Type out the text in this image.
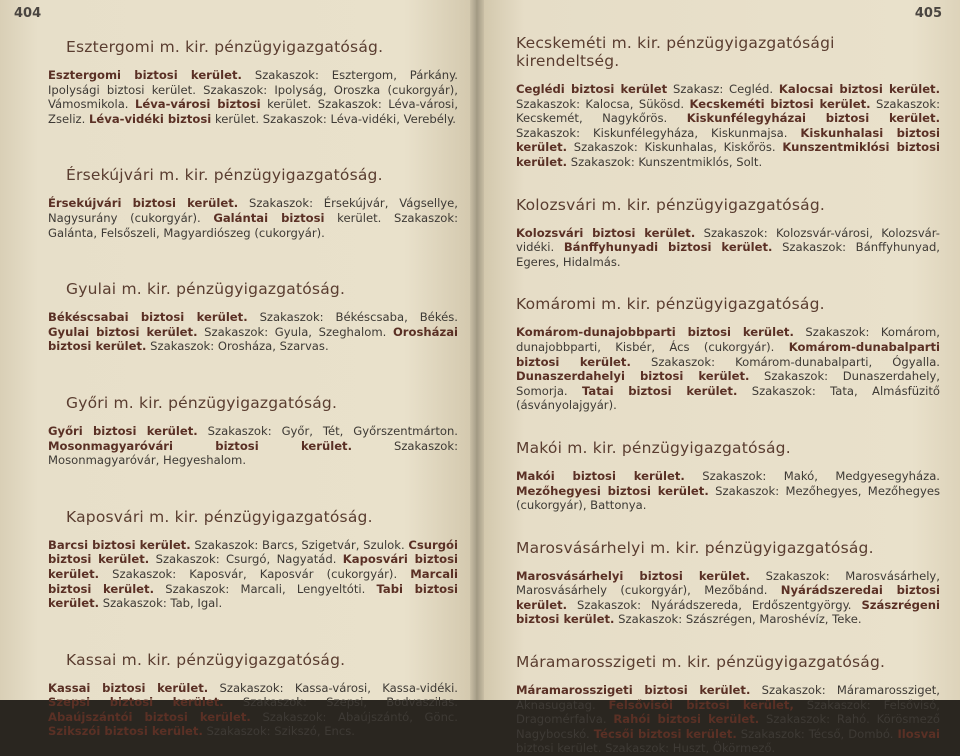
404
Esztergomi m. kir. pénzügyigazgatóság.

Esztergomi biztosi kerület. Szakaszok: Esztergom, Párkány. Ipolysági biztosi kerület. Szakaszok: Ipolyság, Oroszka (cukorgyár), Vámosmikola. Léva-városi biztosi kerület. Szakaszok: Léva-városi, Zseliz. Léva-vidéki biztosi kerület. Szakaszok: Léva-vidéki, Verebély.

Érsekújvári m. kir. pénzügyigazgatóság.

Érsekújvári biztosi kerület. Szakaszok: Érsekújvár, Vágsellye, Nagysurány (cukorgyár). Galántai biztosi kerület. Szakaszok: Galánta, Felsőszeli, Magyardiószeg (cukorgyár).

Gyulai m. kir. pénzügyigazgatóság.

Békéscsabai biztosi kerület. Szakaszok: Békéscsaba, Békés. Gyulai biztosi kerület. Szakaszok: Gyula, Szeghalom. Orosházai biztosi kerület. Szakaszok: Orosháza, Szarvas.

Győri m. kir. pénzügyigazgatóság.

Győri biztosi kerület. Szakaszok: Győr, Tét, Győrszentmárton. Mosonmagyaróvári biztosi kerület. Szakaszok: Mosonmagyaróvár, Hegyeshalom.

Kaposvári m. kir. pénzügyigazgatóság.

Barcsi biztosi kerület. Szakaszok: Barcs, Szigetvár, Szulok. Csurgói biztosi kerület. Szakaszok: Csurgó, Nagyatád. Kaposvári biztosi kerület. Szakaszok: Kaposvár, Kaposvár (cukorgyár). Marcali biztosi kerület. Szakaszok: Marcali, Lengyeltóti. Tabi biztosi kerület. Szakaszok: Tab, Igal.

Kassai m. kir. pénzügyigazgatóság.

Kassai biztosi kerület. Szakaszok: Kassa-városi, Kassa-vidéki. Szepsi biztosi kerület. Szakaszok: Szepsi, Bodvaszilas. Abaújszántói biztosi kerület. Szakaszok: Abaújszántó, Gönc. Szikszói biztosi kerület. Szakaszok: Szikszó, Encs.

405
Kecskeméti m. kir. pénzügyigazgatósági kirendeltség.

Ceglédi biztosi kerület Szakasz: Cegléd. Kalocsai biztosi kerület. Szakaszok: Kalocsa, Sükösd. Kecskeméti biztosi kerület. Szakaszok: Kecskemét, Nagykőrös. Kiskunfélegyházai biztosi kerület. Szakaszok: Kiskunfélegyháza, Kiskunmajsa. Kiskunhalasi biztosi kerület. Szakaszok: Kiskunhalas, Kiskőrös. Kunszentmiklósi biztosi kerület. Szakaszok: Kunszentmiklós, Solt.

Kolozsvári m. kir. pénzügyigazgatóság.

Kolozsvári biztosi kerület. Szakaszok: Kolozsvár-városi, Kolozsvár-vidéki. Bánffyhunyadi biztosi kerület. Szakaszok: Bánffyhunyad, Egeres, Hidalmás.

Komáromi m. kir. pénzügyigazgatóság.

Komárom-dunajobbparti biztosi kerület. Szakaszok: Komárom, dunajobbparti, Kisbér, Ács (cukorgyár). Komárom-dunabalparti biztosi kerület. Szakaszok: Komárom-dunabalparti, Ógyalla. Dunaszerdahelyi biztosi kerület. Szakaszok: Dunaszerdahely, Somorja. Tatai biztosi kerület. Szakaszok: Tata, Almásfüzitő (ásványolajgyár).

Makói m. kir. pénzügyigazgatóság.

Makói biztosi kerület. Szakaszok: Makó, Medgyesegyháza. Mezőhegyesi biztosi kerület. Szakaszok: Mezőhegyes, Mezőhegyes (cukorgyár), Battonya.

Marosvásárhelyi m. kir. pénzügyigazgatóság.

Marosvásárhelyi biztosi kerület. Szakaszok: Marosvásárhely, Marosvásárhely (cukorgyár), Mezőbánd. Nyárádszeredai biztosi kerület. Szakaszok: Nyárádszereda, Erdőszentgyörgy. Szászrégeni biztosi kerület. Szakaszok: Szászrégen, Maroshévíz, Teke.

Máramarosszigeti m. kir. pénzügyigazgatóság.

Máramarosszigeti biztosi kerület. Szakaszok: Máramarossziget, Aknasugatag. Felsővisói biztosi kerület, Szakaszok: Felsővisó, Dragomérfalva. Rahói biztosi kerület. Szakaszok: Rahó. Körösmező Nagybocskó. Técsői biztosi kerület. Szakaszok: Técső, Dombó. Ilosvai biztosi kerület. Szakaszok: Huszt, Ökörmező.
